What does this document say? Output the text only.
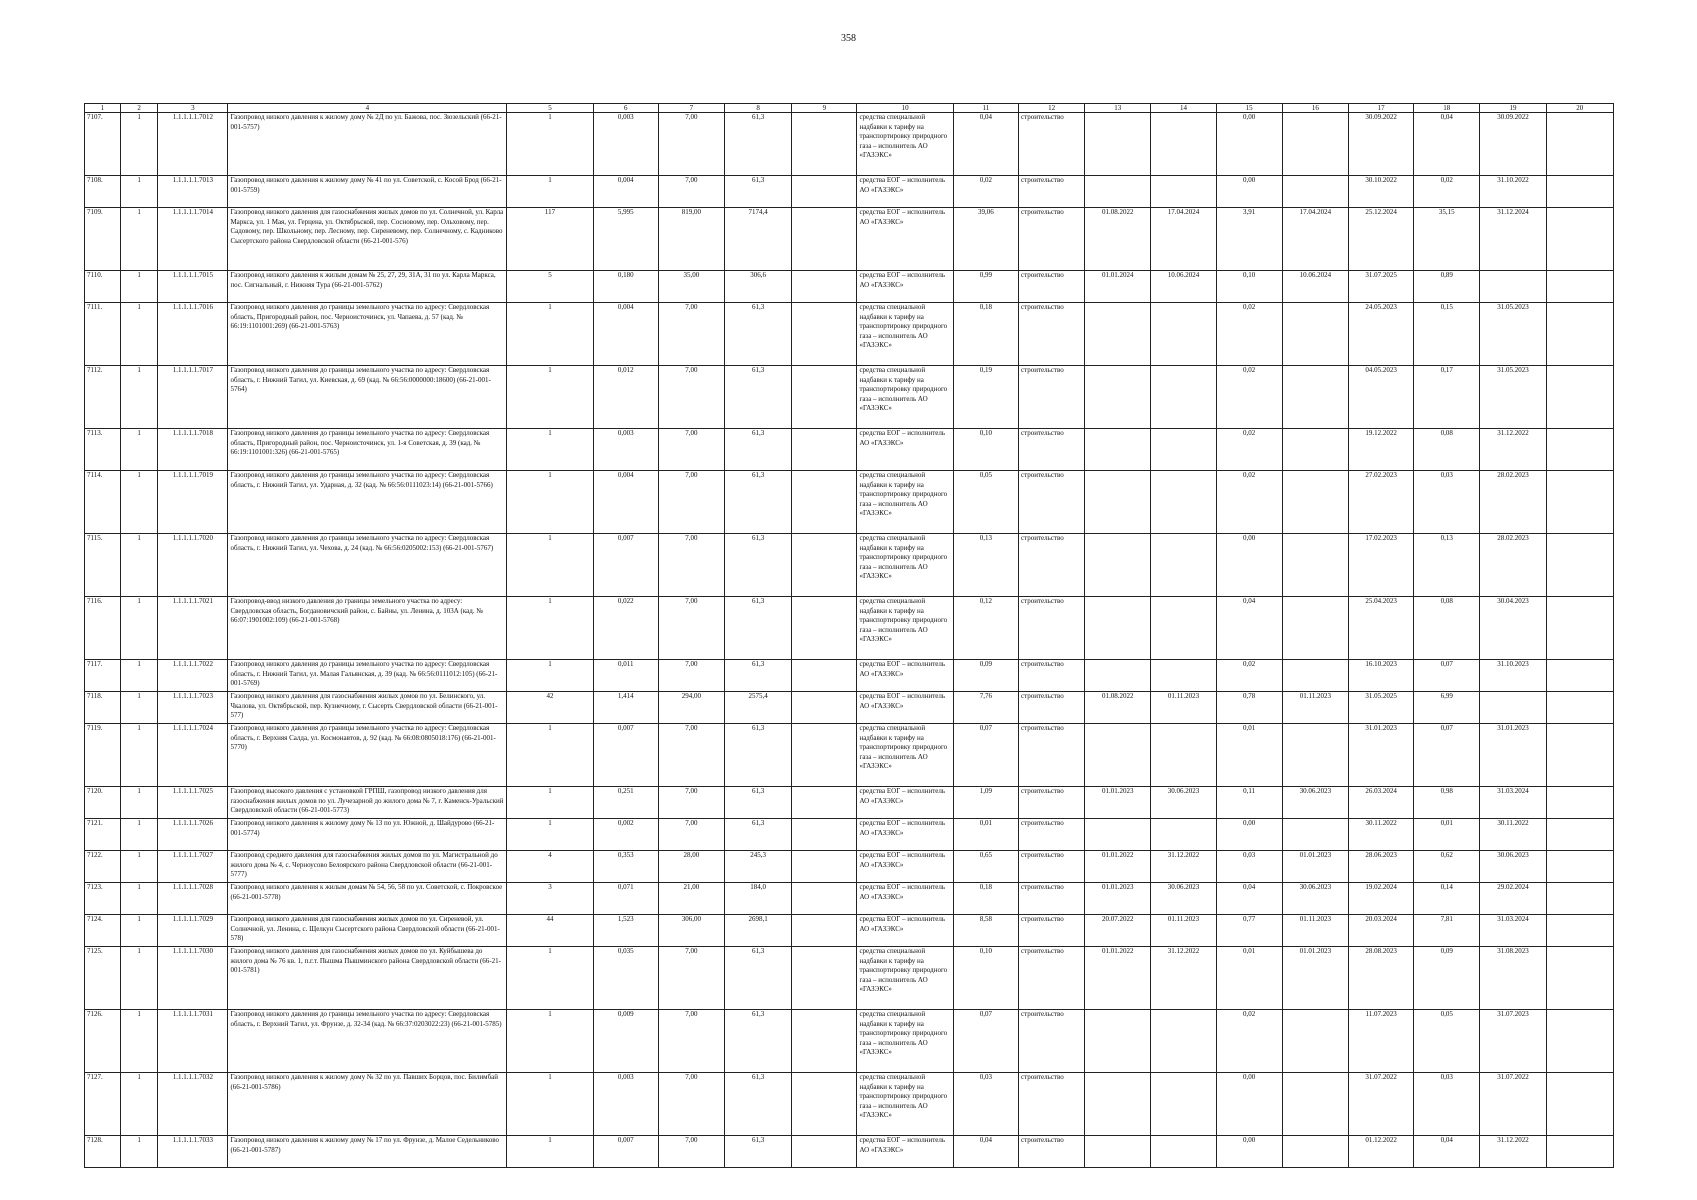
358
1	2	3	4	5	6	7	8	9	10	11	12	13	14	15	16	17	18	19	20
7107.	1	1.1.1.1.1.7012	Газопровод низкого давления к жилому дому № 2Д по ул. Бажова, пос. Зюзельский (66-21-001-5757)	1	0,003	7,00	61,3		средства специальной надбавки к тарифу на транспортировку природного газа – исполнитель АО «ГАЗЭКС»	0,04	строительство			0,00		30.09.2022	0,04	30.09.2022	
7108.	1	1.1.1.1.1.7013	Газопровод низкого давления к жилому дому № 41 по ул. Советской, с. Косой Брод (66-21-001-5759)	1	0,004	7,00	61,3		средства ЕОГ – исполнитель АО «ГАЗЭКС»	0,02	строительство			0,00		30.10.2022	0,02	31.10.2022	
7109.	1	1.1.1.1.1.7014	Газопровод низкого давления для газоснабжения жилых домов по ул. Солнечной, ул. Карла Маркса, ул. 1 Мая, ул. Герцена, ул. Октябрьской, пер. Сосновому, пер. Ольховому, пер. Садовому, пер. Школьному, пер. Лесному, пер. Сиреневому, пер. Солнечному, с. Кадниково Сысертского района Свердловской области (66-21-001-576)	117	5,995	819,00	7174,4		средства ЕОГ – исполнитель АО «ГАЗЭКС»	39,06	строительство	01.08.2022	17.04.2024	3,91	17.04.2024	25.12.2024	35,15	31.12.2024	
7110.	1	1.1.1.1.1.7015	Газопровод низкого давления к жилым домам № 25, 27, 29, 31А, 31 по ул. Карла Маркса, пос. Сигнальный, г. Нижняя Тура (66-21-001-5762)	5	0,180	35,00	306,6		средства ЕОГ – исполнитель АО «ГАЗЭКС»	0,99	строительство	01.01.2024	10.06.2024	0,10	10.06.2024	31.07.2025	0,89		
7111.	1	1.1.1.1.1.7016	Газопровод низкого давления до границы земельного участка по адресу: Свердловская область, Пригородный район, пос. Черноисточинск, ул. Чапаева, д. 57 (кад. № 66:19:1101001:269) (66-21-001-5763)	1	0,004	7,00	61,3		средства специальной надбавки к тарифу на транспортировку природного газа – исполнитель АО «ГАЗЭКС»	0,18	строительство			0,02		24.05.2023	0,15	31.05.2023	
7112.	1	1.1.1.1.1.7017	Газопровод низкого давления до границы земельного участка по адресу: Свердловская область, г. Нижний Тагил, ул. Киевская, д. 69 (кад. № 66:56:0000000:18600) (66-21-001-5764)	1	0,012	7,00	61,3		средства специальной надбавки к тарифу на транспортировку природного газа – исполнитель АО «ГАЗЭКС»	0,19	строительство			0,02		04.05.2023	0,17	31.05.2023	
7113.	1	1.1.1.1.1.7018	Газопровод низкого давления до границы земельного участка по адресу: Свердловская область, Пригородный район, пос. Черноисточинск, ул. 1-я Советская, д. 39 (кад. № 66:19:1101001:326) (66-21-001-5765)	1	0,003	7,00	61,3		средства ЕОГ – исполнитель АО «ГАЗЭКС»	0,10	строительство			0,02		19.12.2022	0,08	31.12.2022	
7114.	1	1.1.1.1.1.7019	Газопровод низкого давления до границы земельного участка по адресу: Свердловская область, г. Нижний Тагил, ул. Ударная, д. 32 (кад. № 66:56:0111023:14) (66-21-001-5766)	1	0,004	7,00	61,3		средства специальной надбавки к тарифу на транспортировку природного газа – исполнитель АО «ГАЗЭКС»	0,05	строительство			0,02		27.02.2023	0,03	28.02.2023	
7115.	1	1.1.1.1.1.7020	Газопровод низкого давления до границы земельного участка по адресу: Свердловская область, г. Нижний Тагил, ул. Чехова, д. 24 (кад. № 66:56:0205002:153) (66-21-001-5767)	1	0,007	7,00	61,3		средства специальной надбавки к тарифу на транспортировку природного газа – исполнитель АО «ГАЗЭКС»	0,13	строительство			0,00		17.02.2023	0,13	28.02.2023	
7116.	1	1.1.1.1.1.7021	Газопровод-ввод низкого давления до границы земельного участка по адресу: Свердловская область, Богдановичский район, с. Байны, ул. Ленина, д. 103А (кад. № 66:07:1901002:109) (66-21-001-5768)	1	0,022	7,00	61,3		средства специальной надбавки к тарифу на транспортировку природного газа – исполнитель АО «ГАЗЭКС»	0,12	строительство			0,04		25.04.2023	0,08	30.04.2023	
7117.	1	1.1.1.1.1.7022	Газопровод низкого давления до границы земельного участка по адресу: Свердловская область, г. Нижний Тагил, ул. Малая Гальянская, д. 39 (кад. № 66:56:0111012:105) (66-21-001-5769)	1	0,011	7,00	61,3		средства ЕОГ – исполнитель АО «ГАЗЭКС»	0,09	строительство			0,02		16.10.2023	0,07	31.10.2023	
7118.	1	1.1.1.1.1.7023	Газопровод низкого давления для газоснабжения жилых домов по ул. Белинского, ул. Чкалова, ул. Октябрьской, пер. Кузнечному, г. Сысерть Свердловской области (66-21-001-577)	42	1,414	294,00	2575,4		средства ЕОГ – исполнитель АО «ГАЗЭКС»	7,76	строительство	01.08.2022	01.11.2023	0,78	01.11.2023	31.05.2025	6,99		
7119.	1	1.1.1.1.1.7024	Газопровод низкого давления до границы земельного участка по адресу: Свердловская область, г. Верхняя Салда, ул. Космонавтов, д. 92 (кад. № 66:08:0805018:176) (66-21-001-5770)	1	0,007	7,00	61,3		средства специальной надбавки к тарифу на транспортировку природного газа – исполнитель АО «ГАЗЭКС»	0,07	строительство			0,01		31.01.2023	0,07	31.01.2023	
7120.	1	1.1.1.1.1.7025	Газопровод высокого давления с установкой ГРПШ, газопровод низкого давления для газоснабжения жилых домов по ул. Лучезарной до жилого дома № 7, г. Каменск-Уральский Свердловской области (66-21-001-5773)	1	0,251	7,00	61,3		средства ЕОГ – исполнитель АО «ГАЗЭКС»	1,09	строительство	01.01.2023	30.06.2023	0,11	30.06.2023	26.03.2024	0,98	31.03.2024	
7121.	1	1.1.1.1.1.7026	Газопровод низкого давления к жилому дому № 13 по ул. Южной, д. Шайдурово (66-21-001-5774)	1	0,002	7,00	61,3		средства ЕОГ – исполнитель АО «ГАЗЭКС»	0,01	строительство			0,00		30.11.2022	0,01	30.11.2022	
7122.	1	1.1.1.1.1.7027	Газопровод среднего давления для газоснабжения жилых домов по ул. Магистральной до жилого дома № 4, с. Черноусово Белоярского района Свердловской области (66-21-001-5777)	4	0,353	28,00	245,3		средства ЕОГ – исполнитель АО «ГАЗЭКС»	0,65	строительство	01.01.2022	31.12.2022	0,03	01.01.2023	28.06.2023	0,62	30.06.2023	
7123.	1	1.1.1.1.1.7028	Газопровод низкого давления к жилым домам № 54, 56, 58 по ул. Советской, с. Покровское (66-21-001-5778)	3	0,071	21,00	184,0		средства ЕОГ – исполнитель АО «ГАЗЭКС»	0,18	строительство	01.01.2023	30.06.2023	0,04	30.06.2023	19.02.2024	0,14	29.02.2024	
7124.	1	1.1.1.1.1.7029	Газопровод низкого давления для газоснабжения жилых домов по ул. Сиреневой, ул. Солнечной, ул. Ленина, с. Щелкун Сысертского района Свердловской области (66-21-001-578)	44	1,523	306,00	2698,1		средства ЕОГ – исполнитель АО «ГАЗЭКС»	8,58	строительство	20.07.2022	01.11.2023	0,77	01.11.2023	20.03.2024	7,81	31.03.2024	
7125.	1	1.1.1.1.1.7030	Газопровод низкого давления для газоснабжения жилых домов по ул. Куйбышева до жилого дома № 76 кв. 1, п.г.т. Пышма Пышминского района Свердловской области (66-21-001-5781)	1	0,035	7,00	61,3		средства специальной надбавки к тарифу на транспортировку природного газа – исполнитель АО «ГАЗЭКС»	0,10	строительство	01.01.2022	31.12.2022	0,01	01.01.2023	28.08.2023	0,09	31.08.2023	
7126.	1	1.1.1.1.1.7031	Газопровод низкого давления до границы земельного участка по адресу: Свердловская область, г. Верхний Тагил, ул. Фрунзе, д. 32-34 (кад. № 66:37:0203022:23) (66-21-001-5785)	1	0,009	7,00	61,3		средства специальной надбавки к тарифу на транспортировку природного газа – исполнитель АО «ГАЗЭКС»	0,07	строительство			0,02		11.07.2023	0,05	31.07.2023	
7127.	1	1.1.1.1.1.7032	Газопровод низкого давления к жилому дому № 32 по ул. Павших Борцов, пос. Билимбай (66-21-001-5786)	1	0,003	7,00	61,3		средства специальной надбавки к тарифу на транспортировку природного газа – исполнитель АО «ГАЗЭКС»	0,03	строительство			0,00		31.07.2022	0,03	31.07.2022	
7128.	1	1.1.1.1.1.7033	Газопровод низкого давления к жилому дому № 17 по ул. Фрунзе, д. Малое Седельниково (66-21-001-5787)	1	0,007	7,00	61,3		средства ЕОГ – исполнитель АО «ГАЗЭКС»	0,04	строительство			0,00		01.12.2022	0,04	31.12.2022	
